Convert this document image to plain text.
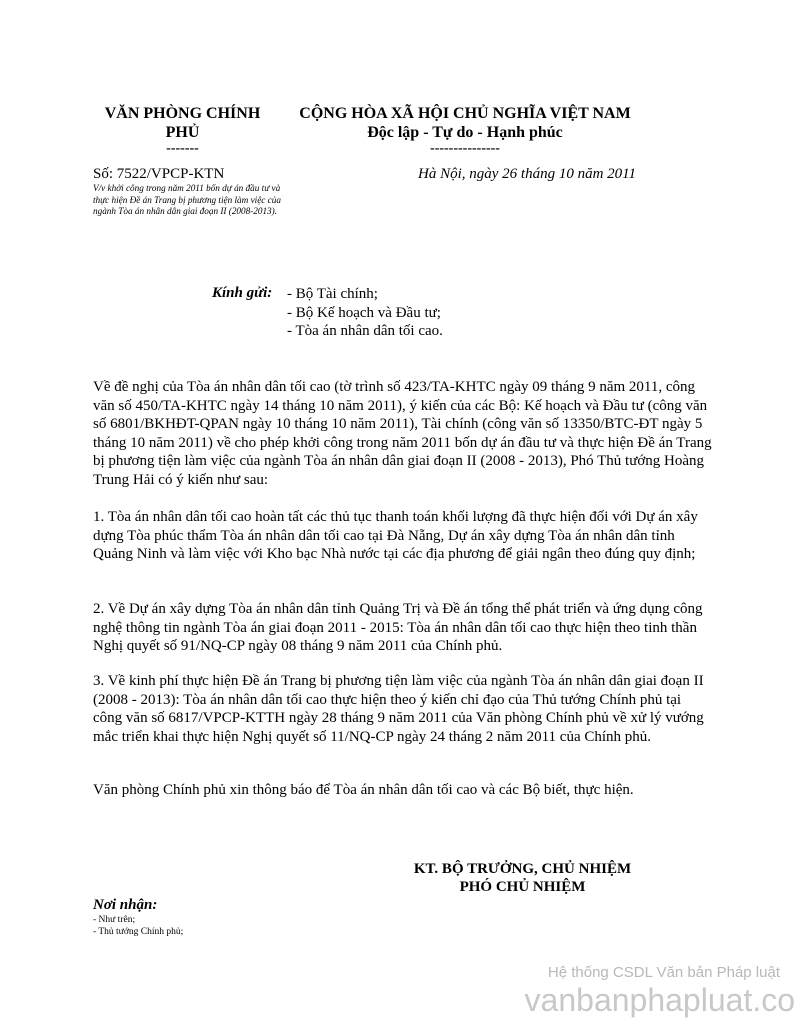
VĂN PHÒNG CHÍNH
PHỦ
-------
CỘNG HÒA XÃ HỘI CHỦ NGHĨA VIỆT NAM
Độc lập - Tự do - Hạnh phúc
---------------
Số: 7522/VPCP-KTN
V/v khởi công trong năm 2011 bốn dự án đầu tư và thực hiện Đề án Trang bị phương tiện làm việc của ngành Tòa án nhân dân giai đoạn II (2008-2013).
Hà Nội, ngày 26 tháng 10 năm 2011
Kính gửi: - Bộ Tài chính;
- Bộ Kế hoạch và Đầu tư;
- Tòa án nhân dân tối cao.
Về đề nghị của Tòa án nhân dân tối cao (tờ trình số 423/TA-KHTC ngày 09 tháng 9 năm 2011, công văn số 450/TA-KHTC ngày 14 tháng 10 năm 2011), ý kiến của các Bộ: Kế hoạch và Đầu tư (công văn số 6801/BKHĐT-QPAN ngày 10 tháng 10 năm 2011), Tài chính (công văn số 13350/BTC-ĐT ngày 5 tháng 10 năm 2011) về cho phép khởi công trong năm 2011 bốn dự án đầu tư và thực hiện Đề án Trang bị phương tiện làm việc của ngành Tòa án nhân dân giai đoạn II (2008 - 2013), Phó Thủ tướng Hoàng Trung Hải có ý kiến như sau:
1. Tòa án nhân dân tối cao hoàn tất các thủ tục thanh toán khối lượng đã thực hiện đối với Dự án xây dựng Tòa phúc thẩm Tòa án nhân dân tối cao tại Đà Nẵng, Dự án xây dựng Tòa án nhân dân tỉnh Quảng Ninh và làm việc với Kho bạc Nhà nước tại các địa phương để giải ngân theo đúng quy định;
2. Về Dự án xây dựng Tòa án nhân dân tỉnh Quảng Trị và Đề án tổng thể phát triển và ứng dụng công nghệ thông tin ngành Tòa án giai đoạn 2011 - 2015: Tòa án nhân dân tối cao thực hiện theo tinh thần Nghị quyết số 91/NQ-CP ngày 08 tháng 9 năm 2011 của Chính phủ.
3. Về kinh phí thực hiện Đề án Trang bị phương tiện làm việc của ngành Tòa án nhân dân giai đoạn II (2008 - 2013): Tòa án nhân dân tối cao thực hiện theo ý kiến chỉ đạo của Thủ tướng Chính phủ tại công văn số 6817/VPCP-KTTH ngày 28 tháng 9 năm 2011 của Văn phòng Chính phủ về xử lý vướng mắc triển khai thực hiện Nghị quyết số 11/NQ-CP ngày 24 tháng 2 năm 2011 của Chính phủ.
Văn phòng Chính phủ xin thông báo để Tòa án nhân dân tối cao và các Bộ biết, thực hiện.
KT. BỘ TRƯỞNG, CHỦ NHIỆM
PHÓ CHỦ NHIỆM
Nơi nhận:
- Như trên;
- Thủ tướng Chính phủ;
Hệ thống CSDL Văn bản Pháp luật
vanbanphapluat.co
